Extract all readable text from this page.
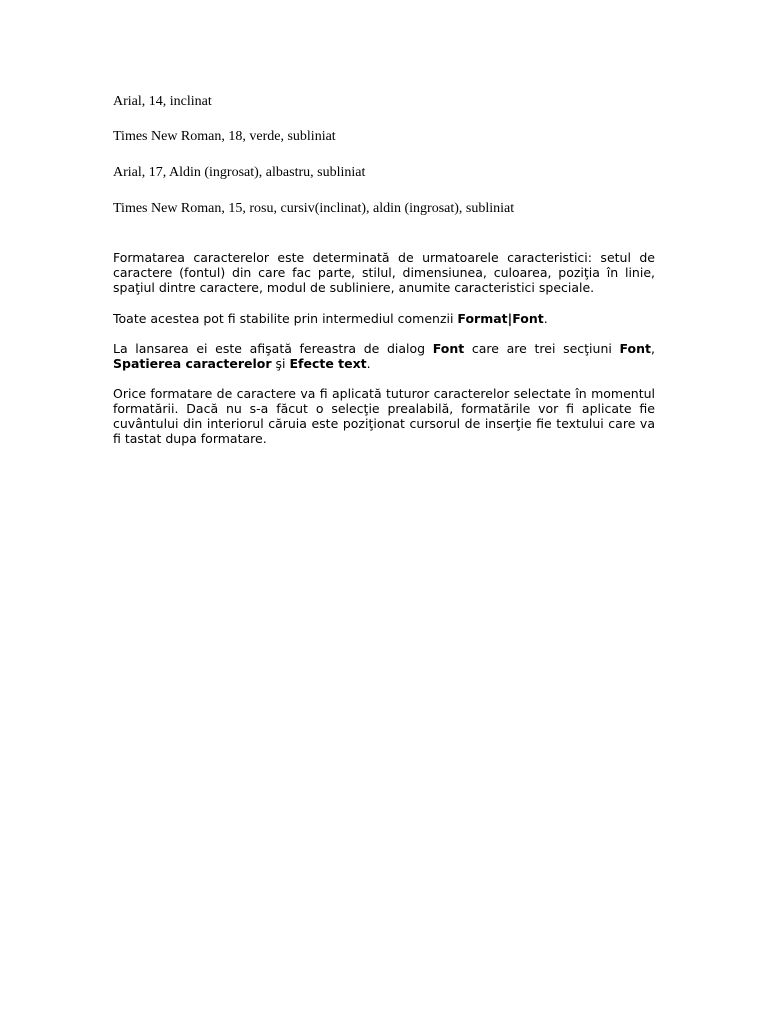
Arial, 14, inclinat
Times New Roman, 18, verde, subliniat
Arial, 17, Aldin (ingrosat), albastru, subliniat
Times New Roman, 15, rosu, cursiv(inclinat), aldin (ingrosat), subliniat
Formatarea caracterelor este determinată de urmatoarele caracteristici: setul de caractere (fontul) din care fac parte, stilul, dimensiunea, culoarea, poziţia în linie, spaţiul dintre caractere, modul de subliniere, anumite caracteristici speciale.
Toate acestea pot fi stabilite prin intermediul comenzii Format|Font.
La lansarea ei este afişată fereastra de dialog Font care are trei secţiuni Font, Spatierea caracterelor şi Efecte text.
Orice formatare de caractere va fi aplicată tuturor caracterelor selectate în momentul formatării. Dacă nu s-a făcut o selecţie prealabilă, formatările vor fi aplicate fie cuvântului din interiorul căruia este poziţionat cursorul de inserţie fie textului care va fi tastat dupa formatare.
